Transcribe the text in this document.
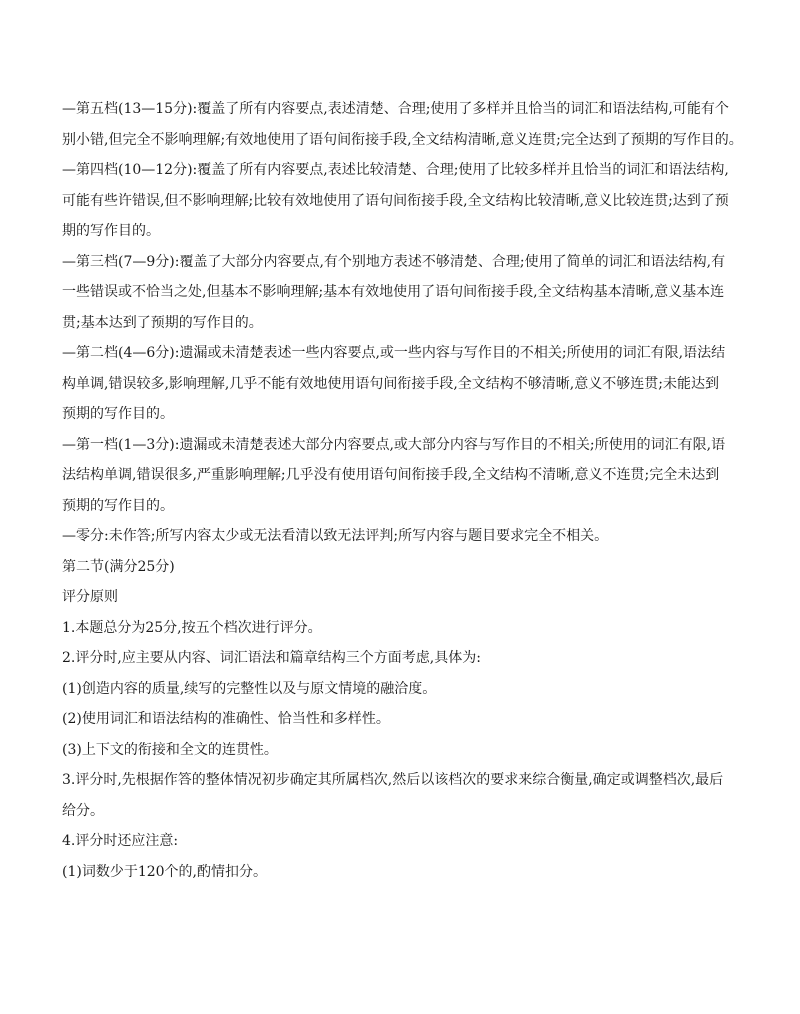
—第五档(13—15分):覆盖了所有内容要点,表述清楚、合理;使用了多样并且恰当的词汇和语法结构,可能有个
别小错,但完全不影响理解;有效地使用了语句间衔接手段,全文结构清晰,意义连贯;完全达到了预期的写作目的。
—第四档(10—12分):覆盖了所有内容要点,表述比较清楚、合理;使用了比较多样并且恰当的词汇和语法结构,
可能有些许错误,但不影响理解;比较有效地使用了语句间衔接手段,全文结构比较清晰,意义比较连贯;达到了预
期的写作目的。
—第三档(7—9分):覆盖了大部分内容要点,有个别地方表述不够清楚、合理;使用了简单的词汇和语法结构,有
一些错误或不恰当之处,但基本不影响理解;基本有效地使用了语句间衔接手段,全文结构基本清晰,意义基本连
贯;基本达到了预期的写作目的。
—第二档(4—6分):遗漏或未清楚表述一些内容要点,或一些内容与写作目的不相关;所使用的词汇有限,语法结
构单调,错误较多,影响理解,几乎不能有效地使用语句间衔接手段,全文结构不够清晰,意义不够连贯;未能达到
预期的写作目的。
—第一档(1—3分):遗漏或未清楚表述大部分内容要点,或大部分内容与写作目的不相关;所使用的词汇有限,语
法结构单调,错误很多,严重影响理解;几乎没有使用语句间衔接手段,全文结构不清晰,意义不连贯;完全未达到
预期的写作目的。
—零分:未作答;所写内容太少或无法看清以致无法评判;所写内容与题目要求完全不相关。
第二节(满分25分)
评分原则
1.本题总分为25分,按五个档次进行评分。
2.评分时,应主要从内容、词汇语法和篇章结构三个方面考虑,具体为:
(1)创造内容的质量,续写的完整性以及与原文情境的融洽度。
(2)使用词汇和语法结构的准确性、恰当性和多样性。
(3)上下文的衔接和全文的连贯性。
3.评分时,先根据作答的整体情况初步确定其所属档次,然后以该档次的要求来综合衡量,确定或调整档次,最后
给分。
4.评分时还应注意:
(1)词数少于120个的,酌情扣分。
